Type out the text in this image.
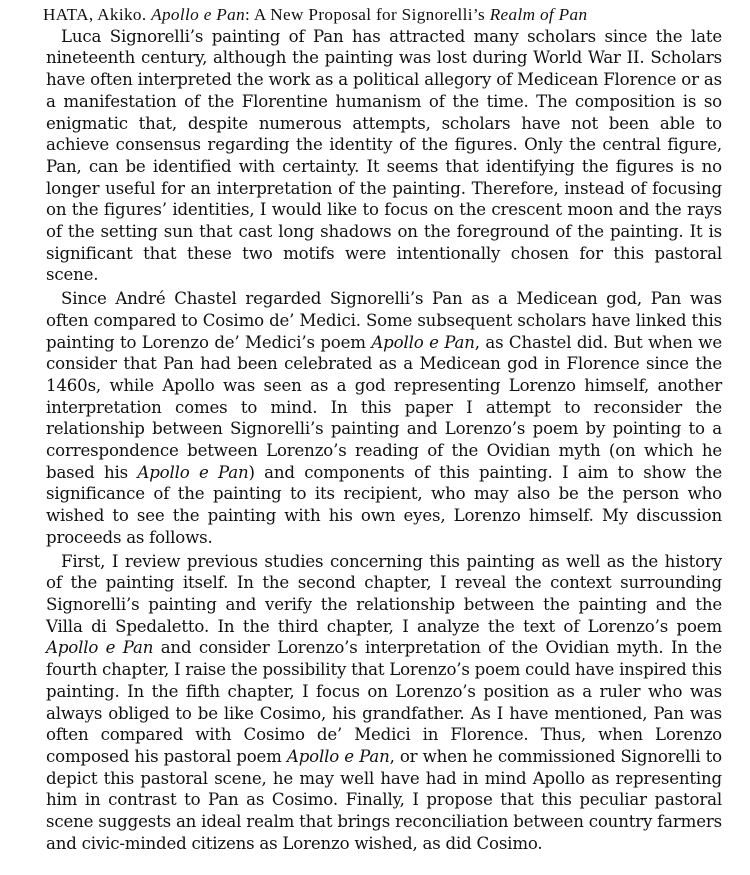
HATA, Akiko. Apollo e Pan: A New Proposal for Signorelli’s Realm of Pan

Luca Signorelli’s painting of Pan has attracted many scholars since the late nineteenth century, although the painting was lost during World War II. Scholars have often interpreted the work as a political allegory of Medicean Florence or as a manifestation of the Florentine humanism of the time. The composition is so enigmatic that, despite numerous attempts, scholars have not been able to achieve consensus regarding the identity of the figures. Only the central figure, Pan, can be identified with certainty. It seems that identifying the figures is no longer useful for an interpretation of the painting. Therefore, instead of focusing on the figures’ identities, I would like to focus on the crescent moon and the rays of the setting sun that cast long shadows on the foreground of the painting. It is significant that these two motifs were intentionally chosen for this pastoral scene.

Since André Chastel regarded Signorelli’s Pan as a Medicean god, Pan was often compared to Cosimo de’ Medici. Some subsequent scholars have linked this painting to Lorenzo de’ Medici’s poem Apollo e Pan, as Chastel did. But when we consider that Pan had been celebrated as a Medicean god in Florence since the 1460s, while Apollo was seen as a god representing Lorenzo himself, another interpretation comes to mind. In this paper I attempt to reconsider the relationship between Signorelli’s painting and Lorenzo’s poem by pointing to a correspondence between Lorenzo’s reading of the Ovidian myth (on which he based his Apollo e Pan) and components of this painting. I aim to show the significance of the painting to its recipient, who may also be the person who wished to see the painting with his own eyes, Lorenzo himself. My discussion proceeds as follows.

First, I review previous studies concerning this painting as well as the history of the painting itself. In the second chapter, I reveal the context surrounding Signorelli’s painting and verify the relationship between the painting and the Villa di Spedaletto. In the third chapter, I analyze the text of Lorenzo’s poem Apollo e Pan and consider Lorenzo’s interpretation of the Ovidian myth. In the fourth chapter, I raise the possibility that Lorenzo’s poem could have inspired this painting. In the fifth chapter, I focus on Lorenzo’s position as a ruler who was always obliged to be like Cosimo, his grandfather. As I have mentioned, Pan was often compared with Cosimo de’ Medici in Florence. Thus, when Lorenzo composed his pastoral poem Apollo e Pan, or when he commissioned Signorelli to depict this pastoral scene, he may well have had in mind Apollo as representing him in contrast to Pan as Cosimo. Finally, I propose that this peculiar pastoral scene suggests an ideal realm that brings reconciliation between country farmers and civic-minded citizens as Lorenzo wished, as did Cosimo.
